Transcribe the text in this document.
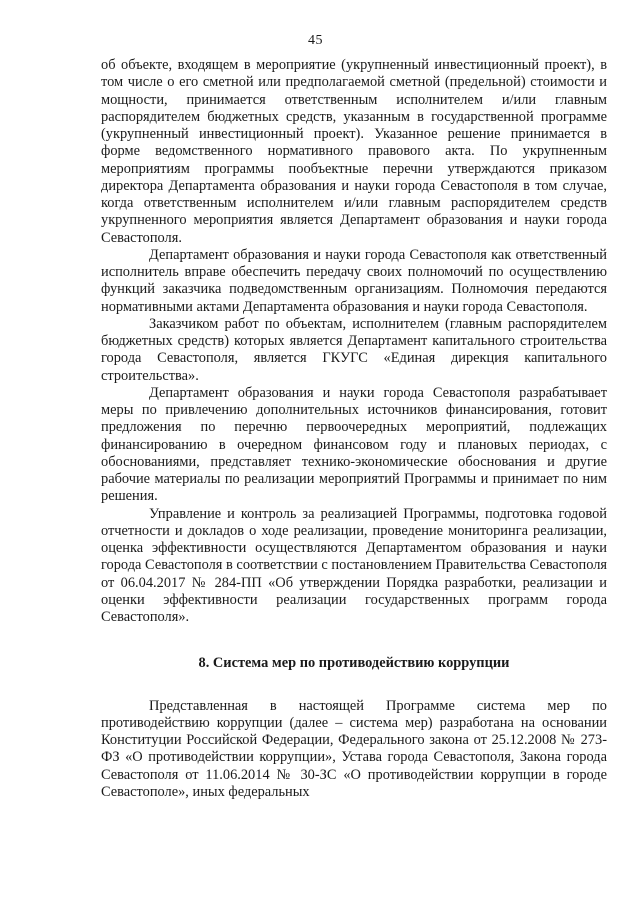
45

об объекте, входящем в мероприятие (укрупненный инвестиционный проект), в том числе о его сметной или предполагаемой сметной (предельной) стоимости и мощности, принимается ответственным исполнителем и/или главным распорядителем бюджетных средств, указанным в государственной программе (укрупненный инвестиционный проект). Указанное решение принимается в форме ведомственного нормативного правового акта. По укрупненным мероприятиям программы пообъектные перечни утверждаются приказом директора Департамента образования и науки города Севастополя в том случае, когда ответственным исполнителем и/или главным распорядителем средств укрупненного мероприятия является Департамент образования и науки города Севастополя.

Департамент образования и науки города Севастополя как ответственный исполнитель вправе обеспечить передачу своих полномочий по осуществлению функций заказчика подведомственным организациям. Полномочия передаются нормативными актами Департамента образования и науки города Севастополя.

Заказчиком работ по объектам, исполнителем (главным распорядителем бюджетных средств) которых является Департамент капитального строительства города Севастополя, является ГКУГС «Единая дирекция капитального строительства».

Департамент образования и науки города Севастополя разрабатывает меры по привлечению дополнительных источников финансирования, готовит предложения по перечню первоочередных мероприятий, подлежащих финансированию в очередном финансовом году и плановых периодах, с обоснованиями, представляет технико-экономические обоснования и другие рабочие материалы по реализации мероприятий Программы и принимает по ним решения.

Управление и контроль за реализацией Программы, подготовка годовой отчетности и докладов о ходе реализации, проведение мониторинга реализации, оценка эффективности осуществляются Департаментом образования и науки города Севастополя в соответствии с постановлением Правительства Севастополя от 06.04.2017 № 284-ПП «Об утверждении Порядка разработки, реализации и оценки эффективности реализации государственных программ города Севастополя».

8. Система мер по противодействию коррупции

Представленная в настоящей Программе система мер по противодействию коррупции (далее – система мер) разработана на основании Конституции Российской Федерации, Федерального закона от 25.12.2008 № 273-ФЗ «О противодействии коррупции», Устава города Севастополя, Закона города Севастополя от 11.06.2014 № 30-ЗС «О противодействии коррупции в городе Севастополе», иных федеральных
